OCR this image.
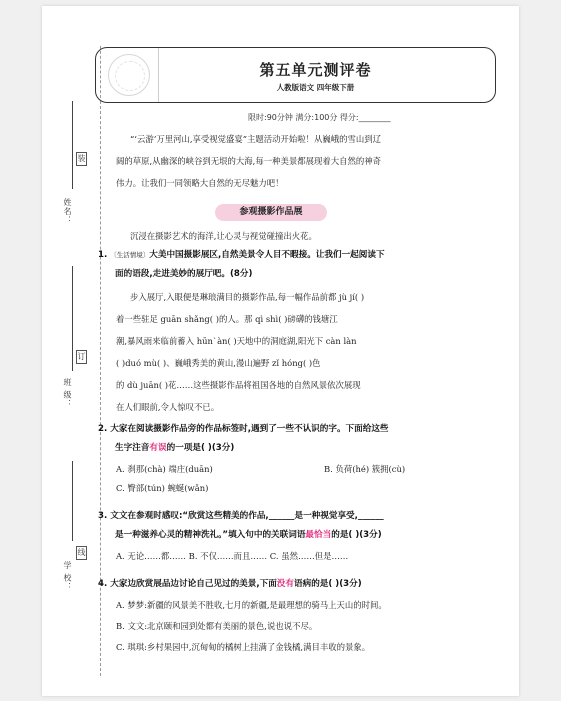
姓名：
班 级：
学 校：
装
订
线
第五单元测评卷
人教版语文 四年级下册
限时:90分钟 满分:100分 得分:________
“‘云游’万里河山,享受视觉盛宴”主题活动开始啦！从巍峨的雪山到辽
阔的草原,从幽深的峡谷到无垠的大海,每一种美景都展现着大自然的神奇
伟力。让我们一同领略大自然的无尽魅力吧！
参观摄影作品展
沉浸在摄影艺术的海洋,让心灵与视觉碰撞出火花。
1. 〔生活情境〕大美中国摄影展区,自然美景令人目不暇接。让我们一起阅读下
面的语段,走进美妙的展厅吧。(8分)
步入展厅,入眼便是琳琅满目的摄影作品,每一幅作品前都 jù jí( )
着一些驻足 guān shǎng( )的人。那 qì shì( )磅礴的钱塘江
潮,暴风雨来临前蓄入 hūn`àn( )天地中的洞庭湖,阳光下 càn làn
( )duó mù( )、巍峨秀美的黄山,漫山遍野 zǐ hóng( )色
的 dù juān( )花……这些摄影作品将祖国各地的自然风景依次展现
在人们眼前,令人惊叹不已。
2. 大家在阅读摄影作品旁的作品标签时,遇到了一些不认识的字。下面给这些
生字注音有误的一项是( )(3分)
A. 刹那(chà) 端庄(duān)	B. 负荷(hé) 簇拥(cù)
C. 臀部(tún) 蜿蜒(wǎn)
3. 文文在参观时感叹:“欣赏这些精美的作品,______是一种视觉享受,______
是一种滋养心灵的精神洗礼。”填入句中的关联词语最恰当的是( )(3分)
A. 无论……都…… B. 不仅……而且…… C. 虽然……但是……
4. 大家边欣赏展品边讨论自己见过的美景,下面没有语病的是( )(3分)
A. 梦梦:新疆的风景美不胜收,七月的新疆,是最理想的骑马上天山的时间。
B. 文文:北京颐和园到处都有美丽的景色,说也说不尽。
C. 琪琪:乡村果园中,沉甸甸的橘树上挂满了金钱橘,满目丰收的景象。
